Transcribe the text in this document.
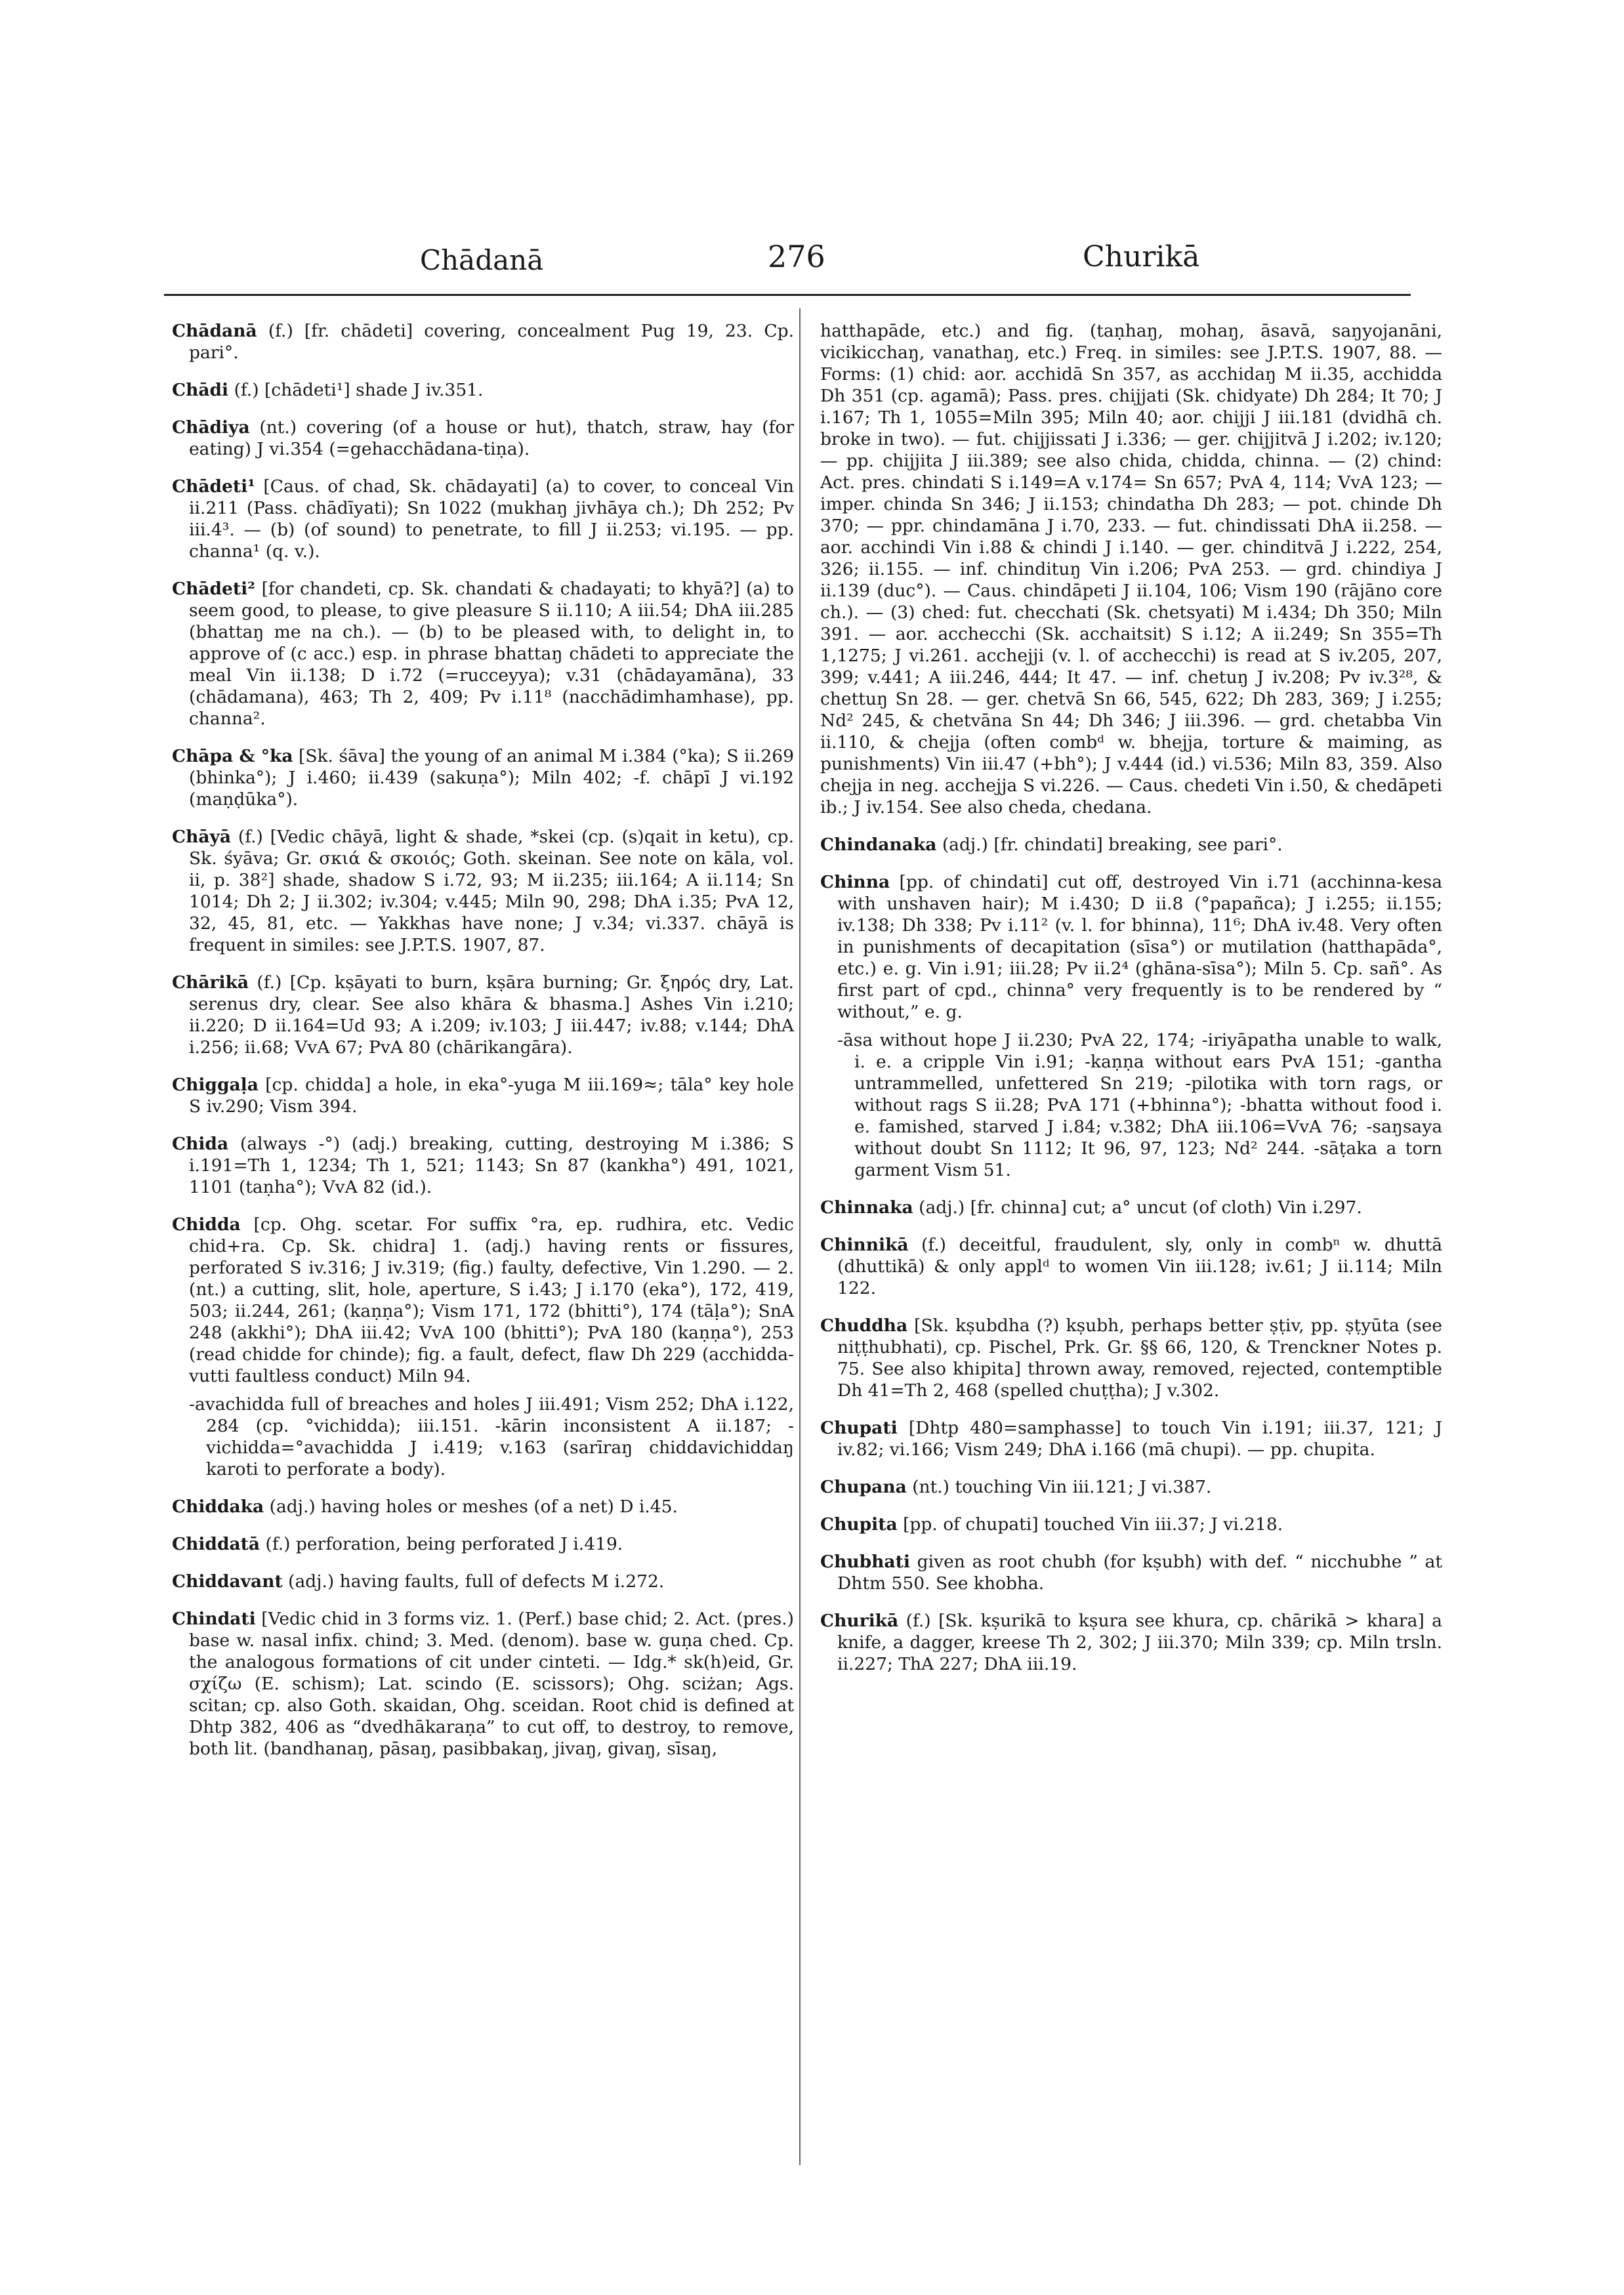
Chādanā	276	Churikā

Chādanā (f.) [fr. chādeti] covering, concealment Pug 19, 23. Cp. pari°.

Chādi (f.) [chādeti¹] shade J iv.351.

Chādiya (nt.) covering (of a house or hut), thatch, straw, hay (for eating) J vi.354 (=gehacchādana-tiṇa).

Chādeti¹ [Caus. of chad, Sk. chādayati] (a) to cover, to conceal Vin ii.211 (Pass. chādīyati); Sn 1022 (mukhaŋ jivhāya ch.); Dh 252; Pv iii.4³. — (b) (of sound) to penetrate, to fill J ii.253; vi.195. — pp. channa¹ (q. v.).

Chādeti² [for chandeti, cp. Sk. chandati & chadayati; to khyā?] (a) to seem good, to please, to give pleasure S ii.110; A iii.54; DhA iii.285 (bhattaŋ me na ch.). — (b) to be pleased with, to delight in, to approve of (c acc.) esp. in phrase bhattaŋ chādeti to appreciate the meal Vin ii.138; D i.72 (=rucceyya); v.31 (chādayamāna), 33 (chādamana), 463; Th 2, 409; Pv i.11⁸ (nacchādimhamhase), pp. channa².

Chāpa & °ka [Sk. śāva] the young of an animal M i.384 (°ka); S ii.269 (bhinka°); J i.460; ii.439 (sakuṇa°); Miln 402; -f. chāpī J vi.192 (maṇḍūka°).

Chāyā (f.) [Vedic chāyā, light & shade, *skei (cp. (s)qait in ketu), cp. Sk. śyāva; Gr. σκιά & σκοιός; Goth. skeinan. See note on kāla, vol. ii, p. 38²] shade, shadow S i.72, 93; M ii.235; iii.164; A ii.114; Sn 1014; Dh 2; J ii.302; iv.304; v.445; Miln 90, 298; DhA i.35; PvA 12, 32, 45, 81, etc. — Yakkhas have none; J v.34; vi.337. chāyā is frequent in similes: see J.P.T.S. 1907, 87.

Chārikā (f.) [Cp. kṣāyati to burn, kṣāra burning; Gr. ξηρός dry, Lat. serenus dry, clear. See also khāra & bhasma.] Ashes Vin i.210; ii.220; D ii.164=Ud 93; A i.209; iv.103; J iii.447; iv.88; v.144; DhA i.256; ii.68; VvA 67; PvA 80 (chārikangāra).

Chiggaḷa [cp. chidda] a hole, in eka°-yuga M iii.169≈; tāla° key hole S iv.290; Vism 394.

Chida (always -°) (adj.) breaking, cutting, destroying M i.386; S i.191=Th 1, 1234; Th 1, 521; 1143; Sn 87 (kankha°) 491, 1021, 1101 (taṇha°); VvA 82 (id.).

Chidda [cp. Ohg. scetar. For suffix °ra, ep. rudhira, etc. Vedic chid+ra. Cp. Sk. chidra] 1. (adj.) having rents or fissures, perforated S iv.316; J iv.319; (fig.) faulty, defective, Vin 1.290. — 2. (nt.) a cutting, slit, hole, aperture, S i.43; J i.170 (eka°), 172, 419, 503; ii.244, 261; (kaṇṇa°); Vism 171, 172 (bhitti°), 174 (tāḷa°); SnA 248 (akkhi°); DhA iii.42; VvA 100 (bhitti°); PvA 180 (kaṇṇa°), 253 (read chidde for chinde); fig. a fault, defect, flaw Dh 229 (acchidda-vutti faultless conduct) Miln 94.

-avachidda full of breaches and holes J iii.491; Vism 252; DhA i.122, 284 (cp. °vichidda); iii.151. -kārin inconsistent A ii.187; -vichidda=°avachidda J i.419; v.163 (sarīraŋ chiddavichiddaŋ karoti to perforate a body).

Chiddaka (adj.) having holes or meshes (of a net) D i.45.

Chiddatā (f.) perforation, being perforated J i.419.

Chiddavant (adj.) having faults, full of defects M i.272.

Chindati [Vedic chid in 3 forms viz. 1. (Perf.) base chid; 2. Act. (pres.) base w. nasal infix. chind; 3. Med. (denom). base w. guṇa ched. Cp. the analogous formations of cit under cinteti. — Idg.* sk(h)eid, Gr. σχίζω (E. schism); Lat. scindo (E. scissors); Ohg. sciżan; Ags. scitan; cp. also Goth. skaidan, Ohg. sceidan. Root chid is defined at Dhtp 382, 406 as “dvedhākaraṇa” to cut off, to destroy, to remove, both lit. (bandhanaŋ, pāsaŋ, pasibbakaŋ, jivaŋ, givaŋ, sīsaŋ,

hatthapāde, etc.) and fig. (taṇhaŋ, mohaŋ, āsavā, saŋyojanāni, vicikicchaŋ, vanathaŋ, etc.) Freq. in similes: see J.P.T.S. 1907, 88. — Forms: (1) chid: aor. acchidā Sn 357, as acchidaŋ M ii.35, acchidda Dh 351 (cp. agamā); Pass. pres. chijjati (Sk. chidyate) Dh 284; It 70; J i.167; Th 1, 1055=Miln 395; Miln 40; aor. chijji J iii.181 (dvidhā ch. broke in two). — fut. chijjissati J i.336; — ger. chijjitvā J i.202; iv.120; — pp. chijjita J iii.389; see also chida, chidda, chinna. — (2) chind: Act. pres. chindati S i.149=A v.174= Sn 657; PvA 4, 114; VvA 123; — imper. chinda Sn 346; J ii.153; chindatha Dh 283; — pot. chinde Dh 370; — ppr. chindamāna J i.70, 233. — fut. chindissati DhA ii.258. — aor. acchindi Vin i.88 & chindi J i.140. — ger. chinditvā J i.222, 254, 326; ii.155. — inf. chindituŋ Vin i.206; PvA 253. — grd. chindiya J ii.139 (duc°). — Caus. chindāpeti J ii.104, 106; Vism 190 (rājāno core ch.). — (3) ched: fut. checchati (Sk. chetsyati) M i.434; Dh 350; Miln 391. — aor. acchecchi (Sk. acchaitsit) S i.12; A ii.249; Sn 355=Th 1,1275; J vi.261. acchejji (v. l. of acchecchi) is read at S iv.205, 207, 399; v.441; A iii.246, 444; It 47. — inf. chetuŋ J iv.208; Pv iv.3²⁸, & chettuŋ Sn 28. — ger. chetvā Sn 66, 545, 622; Dh 283, 369; J i.255; Nd² 245, & chetvāna Sn 44; Dh 346; J iii.396. — grd. chetabba Vin ii.110, & chejja (often combᵈ w. bhejja, torture & maiming, as punishments) Vin iii.47 (+bh°); J v.444 (id.) vi.536; Miln 83, 359. Also chejja in neg. acchejja S vi.226. — Caus. chedeti Vin i.50, & chedāpeti ib.; J iv.154. See also cheda, chedana.

Chindanaka (adj.) [fr. chindati] breaking, see pari°.

Chinna [pp. of chindati] cut off, destroyed Vin i.71 (acchinna-kesa with unshaven hair); M i.430; D ii.8 (°papañca); J i.255; ii.155; iv.138; Dh 338; Pv i.11² (v. l. for bhinna), 11⁶; DhA iv.48. Very often in punishments of decapitation (sīsa°) or mutilation (hatthapāda°, etc.) e. g. Vin i.91; iii.28; Pv ii.2⁴ (ghāna-sīsa°); Miln 5. Cp. sañ°. As first part of cpd., chinna° very frequently is to be rendered by “ without,” e. g.

-āsa without hope J ii.230; PvA 22, 174; -iriyāpatha unable to walk, i. e. a cripple Vin i.91; -kaṇṇa without ears PvA 151; -gantha untrammelled, unfettered Sn 219; -pilotika with torn rags, or without rags S ii.28; PvA 171 (+bhinna°); -bhatta without food i. e. famished, starved J i.84; v.382; DhA iii.106=VvA 76; -saŋsaya without doubt Sn 1112; It 96, 97, 123; Nd² 244. -sāṭaka a torn garment Vism 51.

Chinnaka (adj.) [fr. chinna] cut; a° uncut (of cloth) Vin i.297.

Chinnikā (f.) deceitful, fraudulent, sly, only in combⁿ w. dhuttā (dhuttikā) & only applᵈ to women Vin iii.128; iv.61; J ii.114; Miln 122.

Chuddha [Sk. kṣubdha (?) kṣubh, perhaps better ṣṭiv, pp. ṣṭyūta (see niṭṭhubhati), cp. Pischel, Prk. Gr. §§ 66, 120, & Trenckner Notes p. 75. See also khipita] thrown away, removed, rejected, contemptible Dh 41=Th 2, 468 (spelled chuṭṭha); J v.302.

Chupati [Dhtp 480=samphasse] to touch Vin i.191; iii.37, 121; J iv.82; vi.166; Vism 249; DhA i.166 (mā chupi). — pp. chupita.

Chupana (nt.) touching Vin iii.121; J vi.387.

Chupita [pp. of chupati] touched Vin iii.37; J vi.218.

Chubhati given as root chubh (for kṣubh) with def. “ nicchubhe ” at Dhtm 550. See khobha.

Churikā (f.) [Sk. kṣurikā to kṣura see khura, cp. chārikā > khara] a knife, a dagger, kreese Th 2, 302; J iii.370; Miln 339; cp. Miln trsln. ii.227; ThA 227; DhA iii.19.
